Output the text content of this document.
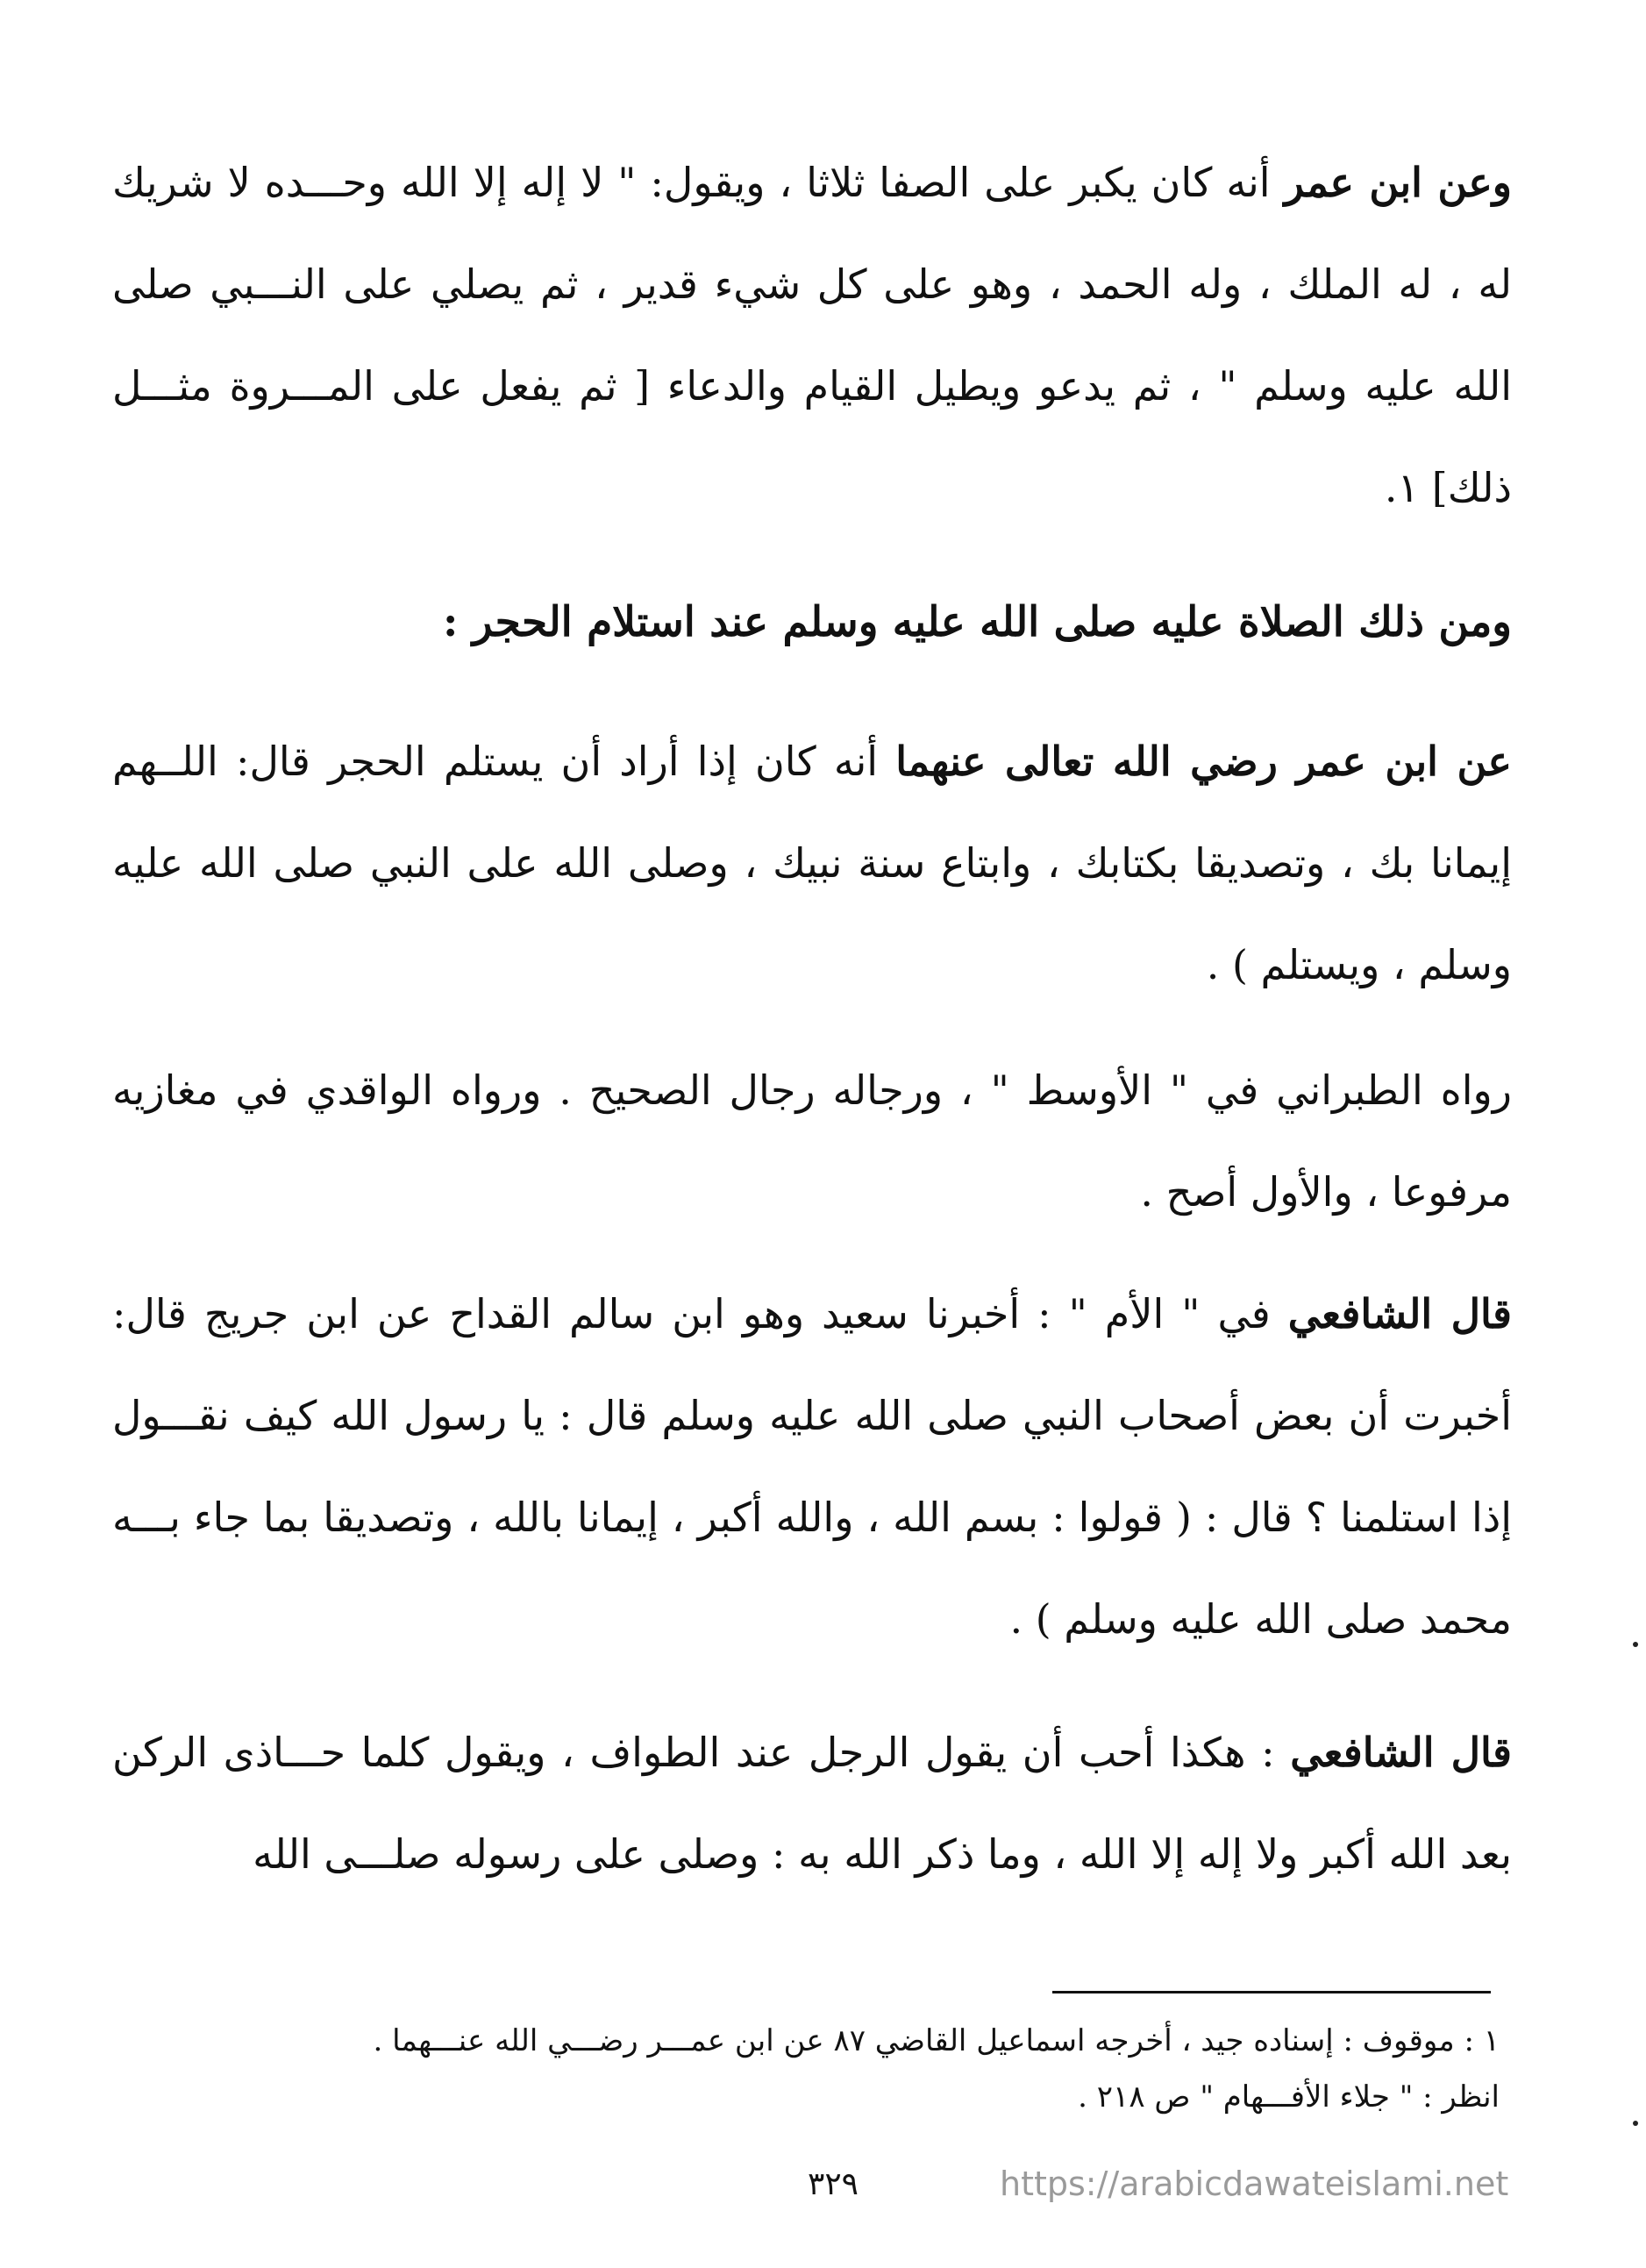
وعن ابن عمر أنه كان يكبر على الصفا ثلاثا ، ويقول: " لا إله إلا الله وحـــده لا شريك له ، له الملك ، وله الحمد ، وهو على كل شيء قدير ، ثم يصلي على النـــبي صلى الله عليه وسلم " ، ثم يدعو ويطيل القيام والدعاء [ ثم يفعل على المـــروة مثـــل ذلك] ١.
ومن ذلك الصلاة عليه صلى الله عليه وسلم عند استلام الحجر :
عن ابن عمر رضي الله تعالى عنهما أنه كان إذا أراد أن يستلم الحجر قال: اللــهم إيمانا بك ، وتصديقا بكتابك ، وابتاع سنة نبيك ، وصلى الله على النبي صلى الله عليه وسلم ، ويستلم ) .
رواه الطبراني في " الأوسط " ، ورجاله رجال الصحيح . ورواه الواقدي في مغازيه مرفوعا ، والأول أصح .
قال الشافعي في " الأم " : أخبرنا سعيد وهو ابن سالم القداح عن ابن جريج قال: أخبرت أن بعض أصحاب النبي صلى الله عليه وسلم قال : يا رسول الله كيف نقـــول إذا استلمنا ؟ قال : ( قولوا : بسم الله ، والله أكبر ، إيمانا بالله ، وتصديقا بما جاء بـــه محمد صلى الله عليه وسلم ) .
قال الشافعي : هكذا أحب أن يقول الرجل عند الطواف ، ويقول كلما حـــاذى الركن بعد الله أكبر ولا إله إلا الله ، وما ذكر الله به : وصلى على رسوله صلـــى الله
١ : موقوف : إسناده جيد ، أخرجه اسماعيل القاضي ٨٧ عن ابن عمـــر رضـــي الله عنـــهما .
انظر : " جلاء الأفـــهام " ص ٢١٨ .
٣٢٩	https://arabicdawateislami.net
